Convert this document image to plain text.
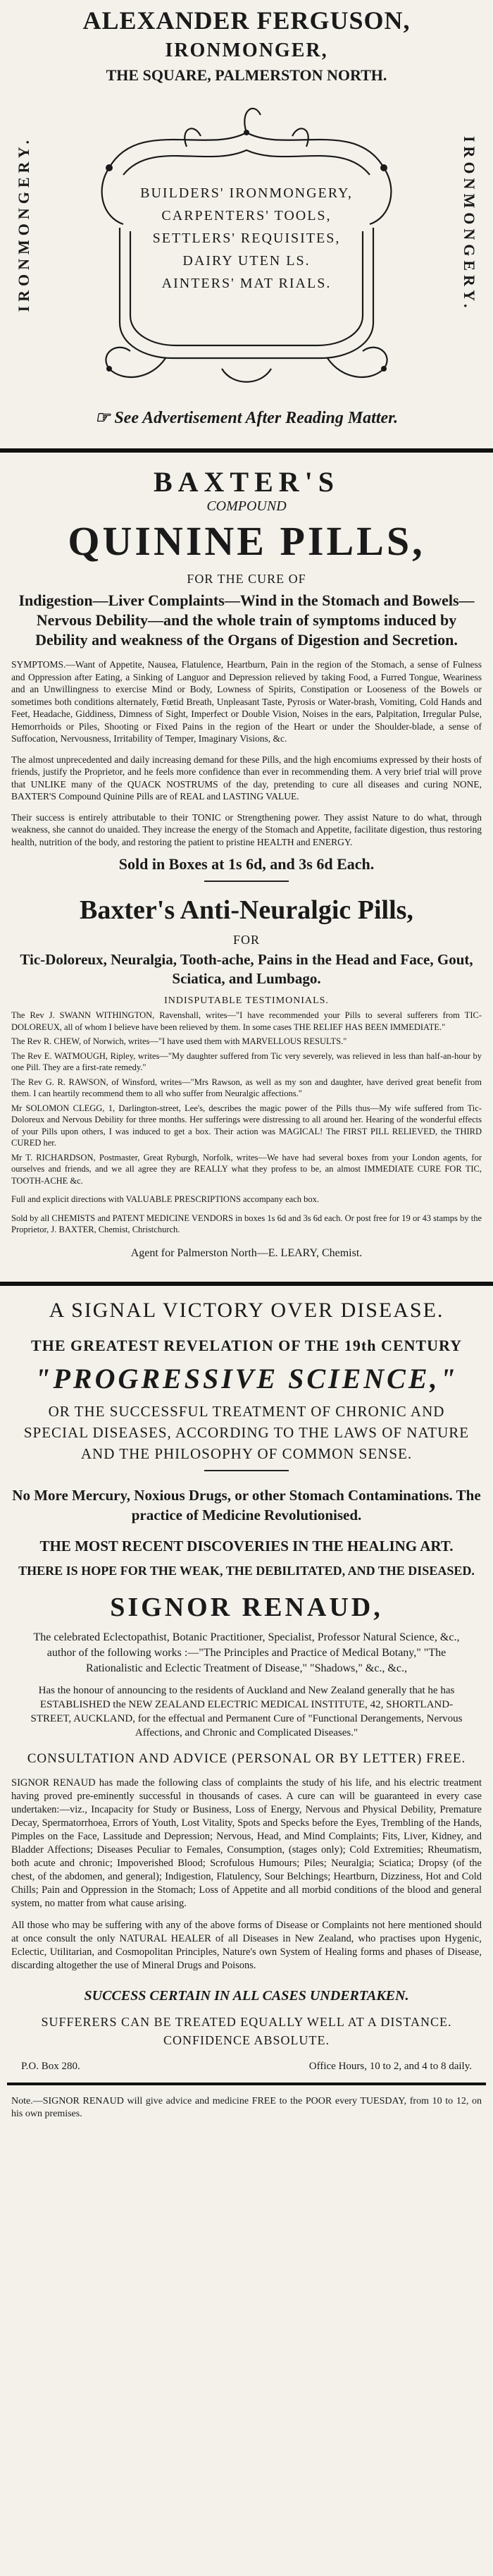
ALEXANDER FERGUSON,
IRONMONGER,
THE SQUARE, PALMERSTON NORTH.
IRONMONGERY.	IRONMONGERY.
BUILDERS' IRONMONGERY,
CARPENTERS' TOOLS,
SETTLERS' REQUISITES,
DAIRY UTEN LS.
AINTERS' MAT RIALS.
☞ See Advertisement After Reading Matter.
BAXTER'S
COMPOUND
QUININE PILLS,
FOR THE CURE OF
Indigestion—Liver Complaints—Wind in the Stomach and Bowels—Nervous Debility—and the whole train of symptoms induced by Debility and weakness of the Organs of Digestion and Secretion.

SYMPTOMS.—Want of Appetite, Nausea, Flatulence, Heartburn, Pain in the region of the Stomach, a sense of Fulness and Oppression after Eating, a Sinking of Languor and Depression relieved by taking Food, a Furred Tongue, Weariness and an Unwillingness to exercise Mind or Body, Lowness of Spirits, Constipation or Looseness of the Bowels or sometimes both conditions alternately, Fœtid Breath, Unpleasant Taste, Pyrosis or Water-brash, Vomiting, Cold Hands and Feet, Headache, Giddiness, Dimness of Sight, Imperfect or Double Vision, Noises in the ears, Palpitation, Irregular Pulse, Hemorrhoids or Piles, Shooting or Fixed Pains in the region of the Heart or under the Shoulder-blade, a sense of Suffocation, Nervousness, Irritability of Temper, Imaginary Visions, &c.

The almost unprecedented and daily increasing demand for these Pills, and the high encomiums expressed by their hosts of friends, justify the Proprietor, and he feels more confidence than ever in recommending them. A very brief trial will prove that UNLIKE many of the QUACK NOSTRUMS of the day, pretending to cure all diseases and curing NONE, BAXTER'S Compound Quinine Pills are of REAL and LASTING VALUE.

Their success is entirely attributable to their TONIC or Strengthening power. They assist Nature to do what, through weakness, she cannot do unaided. They increase the energy of the Stomach and Appetite, facilitate digestion, thus restoring health, nutrition of the body, and restoring the patient to pristine HEALTH and ENERGY.

Sold in Boxes at 1s 6d, and 3s 6d Each.
Baxter's Anti-Neuralgic Pills,
FOR
Tic-Doloreux, Neuralgia, Tooth-ache, Pains in the Head and Face, Gout, Sciatica, and Lumbago.
INDISPUTABLE TESTIMONIALS.

The Rev J. SWANN WITHINGTON, Ravenshall, writes—"I have recommended your Pills to several sufferers from TIC-DOLOREUX, all of whom I believe have been relieved by them. In some cases THE RELIEF HAS BEEN IMMEDIATE."

The Rev R. CHEW, of Norwich, writes—"I have used them with MARVELLOUS RESULTS."

The Rev E. WATMOUGH, Ripley, writes—"My daughter suffered from Tic very severely, was relieved in less than half-an-hour by one Pill. They are a first-rate remedy."

The Rev G. R. RAWSON, of Winsford, writes—"Mrs Rawson, as well as my son and daughter, have derived great benefit from them. I can heartily recommend them to all who suffer from Neuralgic affections."

Mr SOLOMON CLEGG, 1, Darlington-street, Lee's, describes the magic power of the Pills thus—My wife suffered from Tic-Doloreux and Nervous Debility for three months. Her sufferings were distressing to all around her. Hearing of the wonderful effects of your Pills upon others, I was induced to get a box. Their action was MAGICAL! The FIRST PILL RELIEVED, the THIRD CURED her.

Mr T. RICHARDSON, Postmaster, Great Ryburgh, Norfolk, writes—We have had several boxes from your London agents, for ourselves and friends, and we all agree they are REALLY what they profess to be, an almost IMMEDIATE CURE FOR TIC, TOOTH-ACHE &c.

Full and explicit directions with VALUABLE PRESCRIPTIONS accompany each box.

Sold by all CHEMISTS and PATENT MEDICINE VENDORS in boxes 1s 6d and 3s 6d each. Or post free for 19 or 43 stamps by the Proprietor, J. BAXTER, Chemist, Christchurch.

Agent for Palmerston North—E. LEARY, Chemist.
A SIGNAL VICTORY OVER DISEASE.
THE GREATEST REVELATION OF THE 19th CENTURY
"PROGRESSIVE SCIENCE,"
OR THE SUCCESSFUL TREATMENT OF CHRONIC AND SPECIAL DISEASES, ACCORDING TO THE LAWS OF NATURE AND THE PHILOSOPHY OF COMMON SENSE.
No More Mercury, Noxious Drugs, or other Stomach Contaminations. The practice of Medicine Revolutionised.
THE MOST RECENT DISCOVERIES IN THE HEALING ART.
THERE IS HOPE FOR THE WEAK, THE DEBILITATED, AND THE DISEASED.
SIGNOR RENAUD,

The celebrated Eclectopathist, Botanic Practitioner, Specialist, Professor Natural Science, &c., author of the following works :—"The Principles and Practice of Medical Botany," "The Rationalistic and Eclectic Treatment of Disease," "Shadows," &c., &c.,

Has the honour of announcing to the residents of Auckland and New Zealand generally that he has ESTABLISHED the NEW ZEALAND ELECTRIC MEDICAL INSTITUTE, 42, SHORTLAND-STREET, AUCKLAND, for the effectual and Permanent Cure of "Functional Derangements, Nervous Affections, and Chronic and Complicated Diseases."

CONSULTATION AND ADVICE (PERSONAL OR BY LETTER) FREE.

SIGNOR RENAUD has made the following class of complaints the study of his life, and his electric treatment having proved pre-eminently successful in thousands of cases. A cure can will be guaranteed in every case undertaken:—viz., Incapacity for Study or Business, Loss of Energy, Nervous and Physical Debility, Premature Decay, Spermatorrhoea, Errors of Youth, Lost Vitality, Spots and Specks before the Eyes, Trembling of the Hands, Pimples on the Face, Lassitude and Depression; Nervous, Head, and Mind Complaints; Fits, Liver, Kidney, and Bladder Affections; Diseases Peculiar to Females, Consumption, (stages only); Cold Extremities; Rheumatism, both acute and chronic; Impoverished Blood; Scrofulous Humours; Piles; Neuralgia; Sciatica; Dropsy (of the chest, of the abdomen, and general); Indigestion, Flatulency, Sour Belchings; Heartburn, Dizziness, Hot and Cold Chills; Pain and Oppression in the Stomach; Loss of Appetite and all morbid conditions of the blood and general system, no matter from what cause arising.

All those who may be suffering with any of the above forms of Disease or Complaints not here mentioned should at once consult the only NATURAL HEALER of all Diseases in New Zealand, who practises upon Hygenic, Eclectic, Utilitarian, and Cosmopolitan Principles, Nature's own System of Healing forms and phases of Disease, discarding altogether the use of Mineral Drugs and Poisons.

SUCCESS CERTAIN IN ALL CASES UNDERTAKEN.
SUFFERERS CAN BE TREATED EQUALLY WELL AT A DISTANCE. CONFIDENCE ABSOLUTE.
P.O. Box 280.	Office Hours, 10 to 2, and 4 to 8 daily.

Note.—SIGNOR RENAUD will give advice and medicine FREE to the POOR every TUESDAY, from 10 to 12, on his own premises.
